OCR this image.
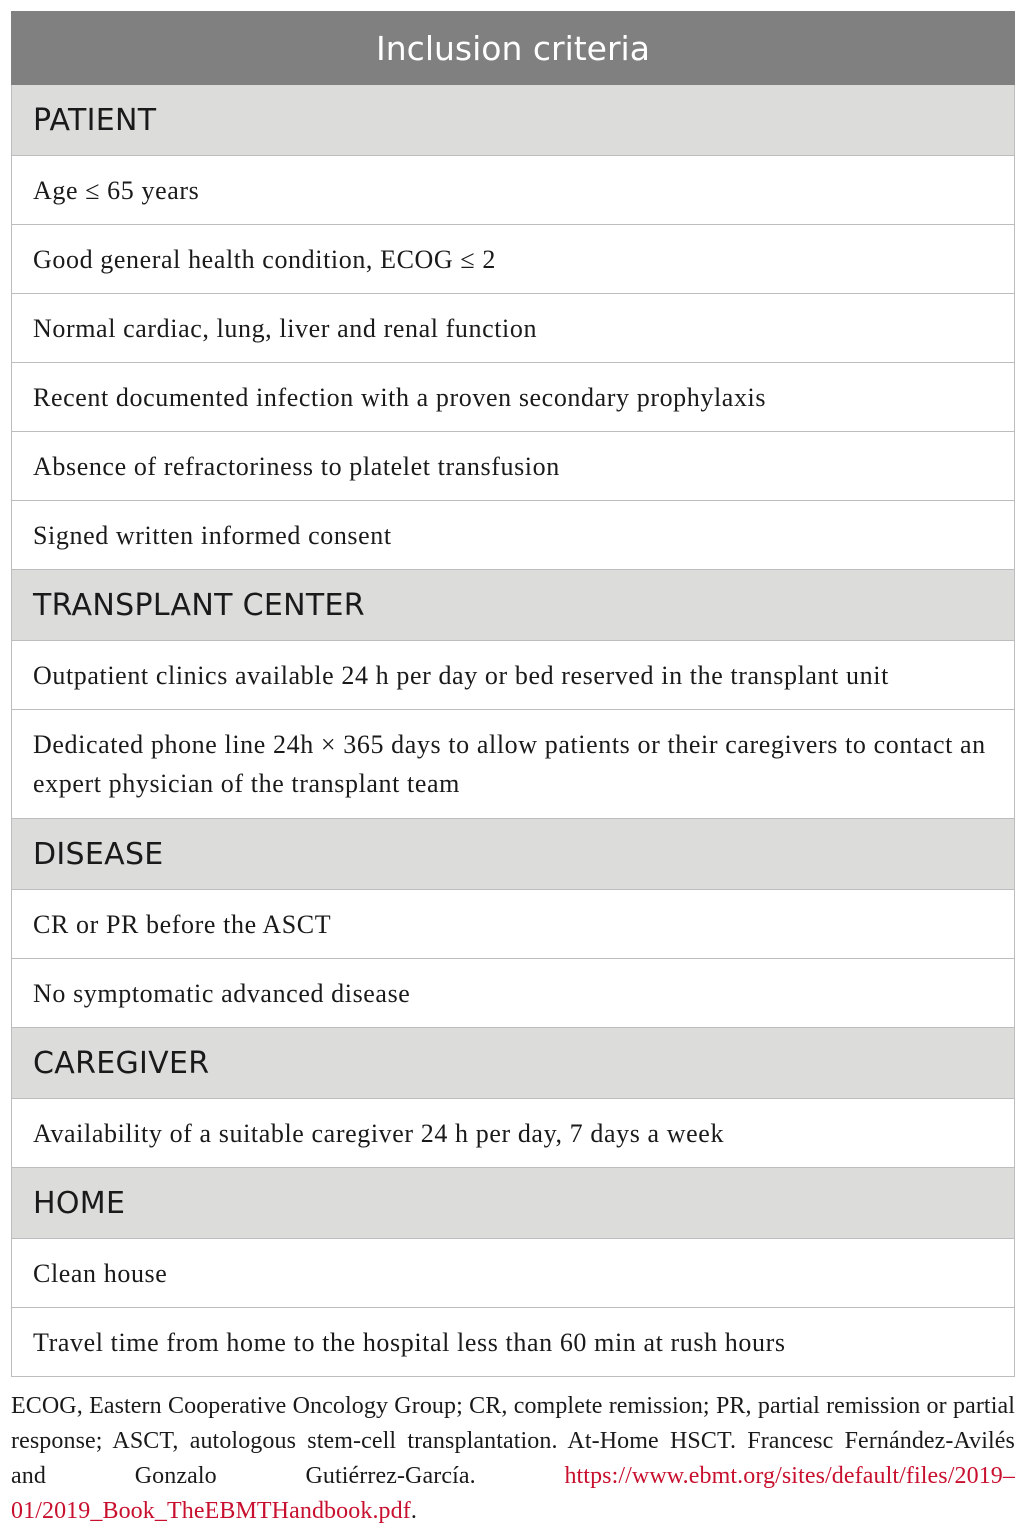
Inclusion criteria
PATIENT
Age ≤ 65 years
Good general health condition, ECOG ≤ 2
Normal cardiac, lung, liver and renal function
Recent documented infection with a proven secondary prophylaxis
Absence of refractoriness to platelet transfusion
Signed written informed consent
TRANSPLANT CENTER
Outpatient clinics available 24 h per day or bed reserved in the transplant unit
Dedicated phone line 24h × 365 days to allow patients or their caregivers to contact an expert physician of the transplant team
DISEASE
CR or PR before the ASCT
No symptomatic advanced disease
CAREGIVER
Availability of a suitable caregiver 24 h per day, 7 days a week
HOME
Clean house
Travel time from home to the hospital less than 60 min at rush hours

ECOG, Eastern Cooperative Oncology Group; CR, complete remission; PR, partial remission or partial response; ASCT, autologous stem-cell transplantation. At-Home HSCT. Francesc Fernández-Avilés and Gonzalo Gutiérrez-García. https://www.ebmt.org/sites/default/files/2019–01/2019_Book_TheEBMTHandbook.pdf.
